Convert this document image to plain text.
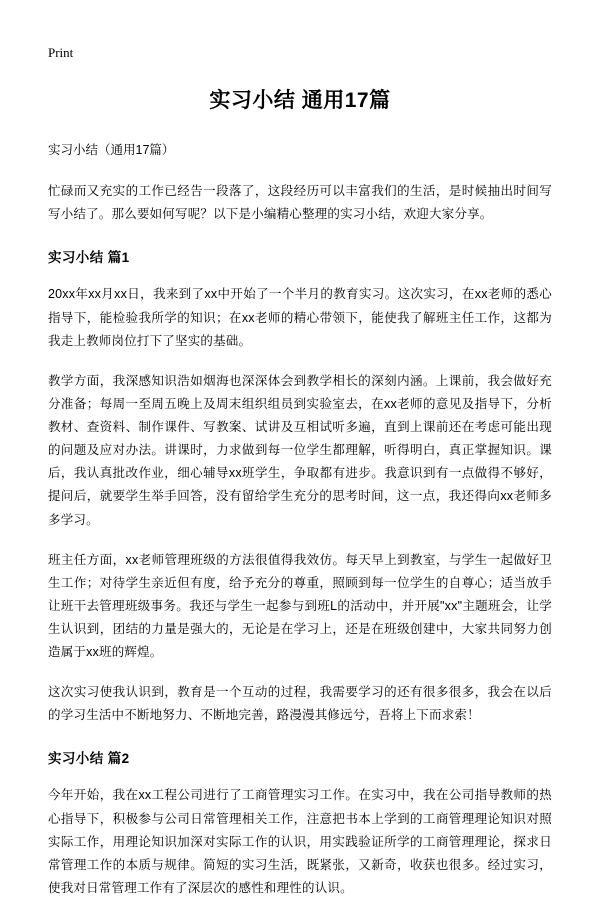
Print
实习小结 通用17篇
实习小结（通用17篇）

忙碌而又充实的工作已经告一段落了，这段经历可以丰富我们的生活，是时候抽出时间写写小结了。那么要如何写呢？以下是小编精心整理的实习小结，欢迎大家分享。

实习小结 篇1

20xx年xx月xx日，我来到了xx中开始了一个半月的教育实习。这次实习，在xx老师的悉心指导下，能检验我所学的知识；在xx老师的精心带领下，能使我了解班主任工作，这都为我走上教师岗位打下了坚实的基础。

教学方面，我深感知识浩如烟海也深深体会到教学相长的深刻内涵。上课前，我会做好充分准备；每周一至周五晚上及周末组织组员到实验室去，在xx老师的意见及指导下，分析教材、查资料、制作课件、写教案、试讲及互相试听多遍，直到上课前还在考虑可能出现的问题及应对办法。讲课时，力求做到每一位学生都理解，听得明白，真正掌握知识。课后，我认真批改作业，细心辅导xx班学生，争取都有进步。我意识到有一点做得不够好，提问后，就要学生举手回答，没有留给学生充分的思考时间，这一点，我还得向xx老师多多学习。

班主任方面，xx老师管理班级的方法很值得我效仿。每天早上到教室，与学生一起做好卫生工作；对待学生亲近但有度，给予充分的尊重，照顾到每一位学生的自尊心；适当放手让班干去管理班级事务。我还与学生一起参与到班L的活动中，并开展"xx"主题班会，让学生认识到，团结的力量是强大的，无论是在学习上，还是在班级创建中，大家共同努力创造属于xx班的辉煌。

这次实习使我认识到，教育是一个互动的过程，我需要学习的还有很多很多，我会在以后的学习生活中不断地努力、不断地完善，路漫漫其修远兮，吾将上下而求索！

实习小结 篇2

今年开始，我在xx工程公司进行了工商管理实习工作。在实习中，我在公司指导教师的热心指导下，积极参与公司日常管理相关工作，注意把书本上学到的工商管理理论知识对照实际工作，用理论知识加深对实际工作的认识，用实践验证所学的工商管理理论，探求日常管理工作的本质与规律。简短的实习生活，既紧张，又新奇，收获也很多。经过实习，使我对日常管理工作有了深层次的感性和理性的认识。
